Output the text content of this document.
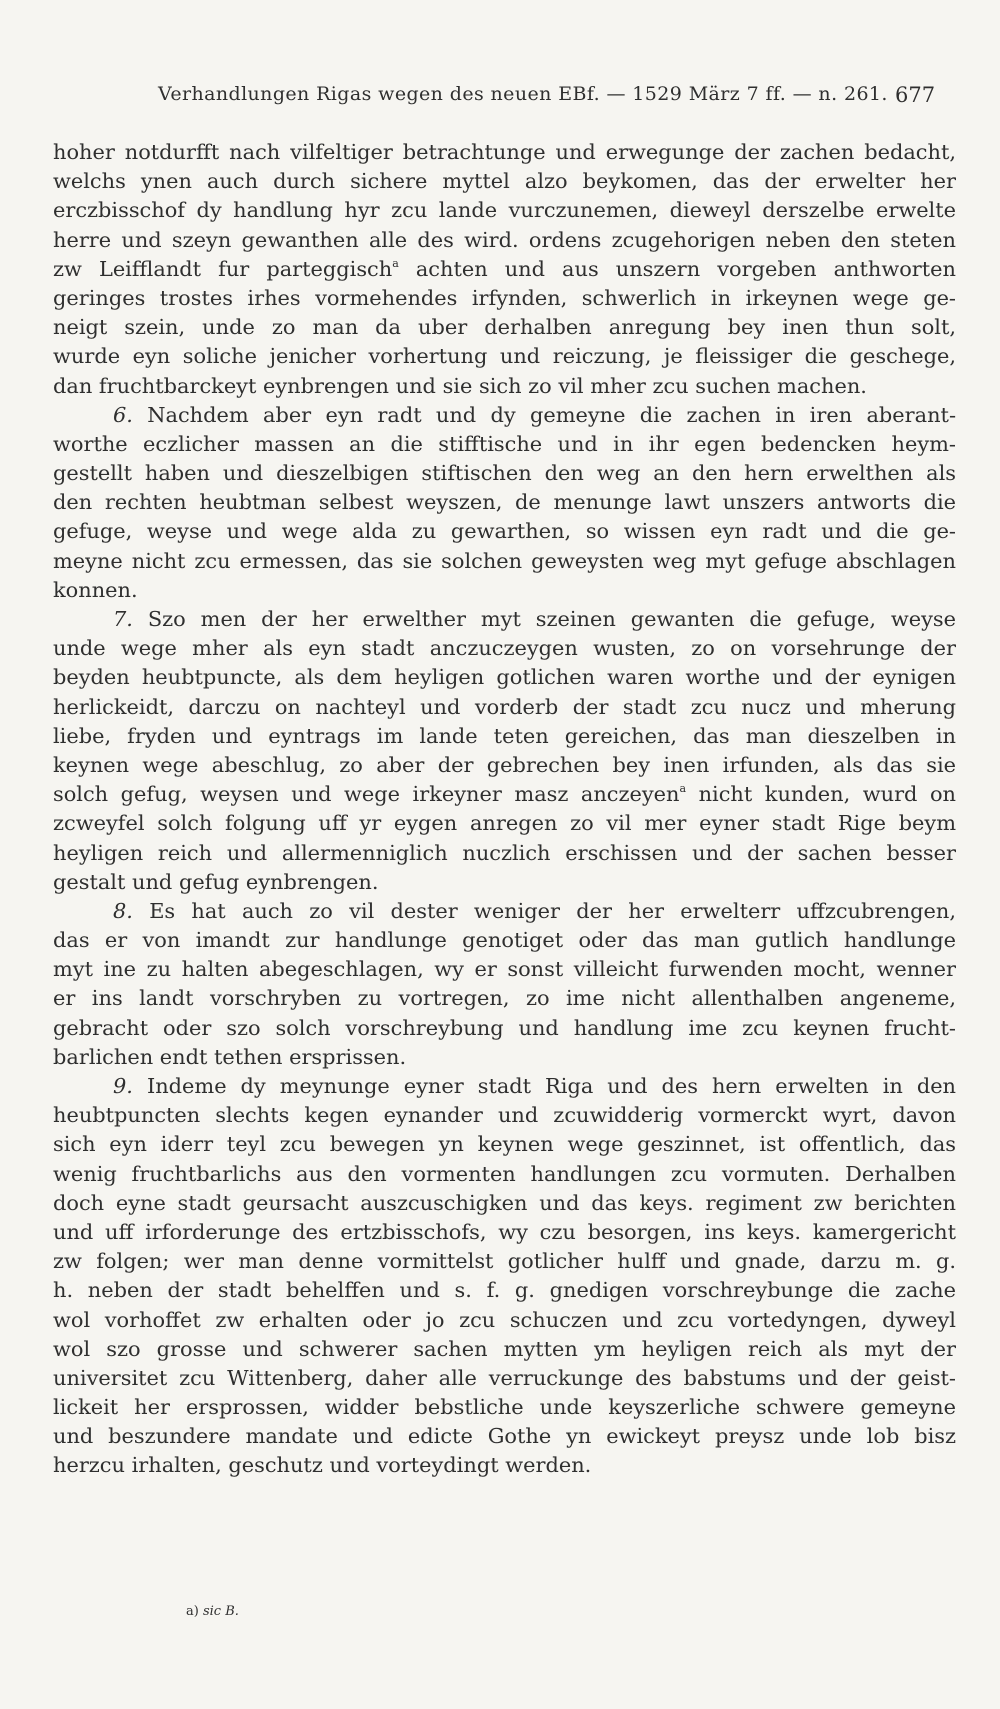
Verhandlungen Rigas wegen des neuen EBf. — 1529 März 7 ff. — n. 261. 677
hoher notdurfft nach vilfeltiger betrachtunge und erwegunge der zachen bedacht,
welchs ynen auch durch sichere myttel alzo beykomen, das der erwelter her
erczbisschof dy handlung hyr zcu lande vurczunemen, dieweyl derszelbe erwelte
herre und szeyn gewanthen alle des wird. ordens zcugehorigen neben den steten
zw Leifflandt fur parteggisch$^a$ achten und aus unszern vorgeben anthworten
geringes trostes irhes vormehendes irfynden, schwerlich in irkeynen wege ge-
neigt szein, unde zo man da uber derhalben anregung bey inen thun solt,
wurde eyn soliche jenicher vorhertung und reiczung, je fleissiger die geschege,
dan fruchtbarckeyt eynbrengen und sie sich zo vil mher zcu suchen machen.
6. Nachdem aber eyn radt und dy gemeyne die zachen in iren aberant-
worthe eczlicher massen an die stifftische und in ihr egen bedencken heym-
gestellt haben und dieszelbigen stiftischen den weg an den hern erwelthen als
den rechten heubtman selbest weyszen, de menunge lawt unszers antworts die
gefuge, weyse und wege alda zu gewarthen, so wissen eyn radt und die ge-
meyne nicht zcu ermessen, das sie solchen geweysten weg myt gefuge abschlagen
konnen.
7. Szo men der her erwelther myt szeinen gewanten die gefuge, weyse
unde wege mher als eyn stadt anczuczeygen wusten, zo on vorsehrunge der
beyden heubtpuncte, als dem heyligen gotlichen waren worthe und der eynigen
herlickeidt, darczu on nachteyl und vorderb der stadt zcu nucz und mherung
liebe, fryden und eyntrags im lande teten gereichen, das man dieszelben in
keynen wege abeschlug, zo aber der gebrechen bey inen irfunden, als das sie
solch gefug, weysen und wege irkeyner masz anczeyen$^a$ nicht kunden, wurd on
zcweyfel solch folgung uff yr eygen anregen zo vil mer eyner stadt Rige beym
heyligen reich und allermenniglich nuczlich erschissen und der sachen besser
gestalt und gefug eynbrengen.
8. Es hat auch zo vil dester weniger der her erwelterr uffzcubrengen,
das er von imandt zur handlunge genotiget oder das man gutlich handlunge
myt ine zu halten abegeschlagen, wy er sonst villeicht furwenden mocht, wenner
er ins landt vorschryben zu vortregen, zo ime nicht allenthalben angeneme,
gebracht oder szo solch vorschreybung und handlung ime zcu keynen frucht-
barlichen endt tethen ersprissen.
9. Indeme dy meynunge eyner stadt Riga und des hern erwelten in den
heubtpuncten slechts kegen eynander und zcuwidderig vormerckt wyrt, davon
sich eyn iderr teyl zcu bewegen yn keynen wege geszinnet, ist offentlich, das
wenig fruchtbarlichs aus den vormenten handlungen zcu vormuten. Derhalben
doch eyne stadt geursacht auszcuschigken und das keys. regiment zw berichten
und uff irforderunge des ertzbisschofs, wy czu besorgen, ins keys. kamergericht
zw folgen; wer man denne vormittelst gotlicher hulff und gnade, darzu m. g.
h. neben der stadt behelffen und s. f. g. gnedigen vorschreybunge die zache
wol vorhoffet zw erhalten oder jo zcu schuczen und zcu vortedyngen, dyweyl
wol szo grosse und schwerer sachen mytten ym heyligen reich als myt der
universitet zcu Wittenberg, daher alle verruckunge des babstums und der geist-
lickeit her ersprossen, widder bebstliche unde keyszerliche schwere gemeyne
und beszundere mandate und edicte Gothe yn ewickeyt preysz unde lob bisz
herzcu irhalten, geschutz und vorteydingt werden.
a) sic B.
